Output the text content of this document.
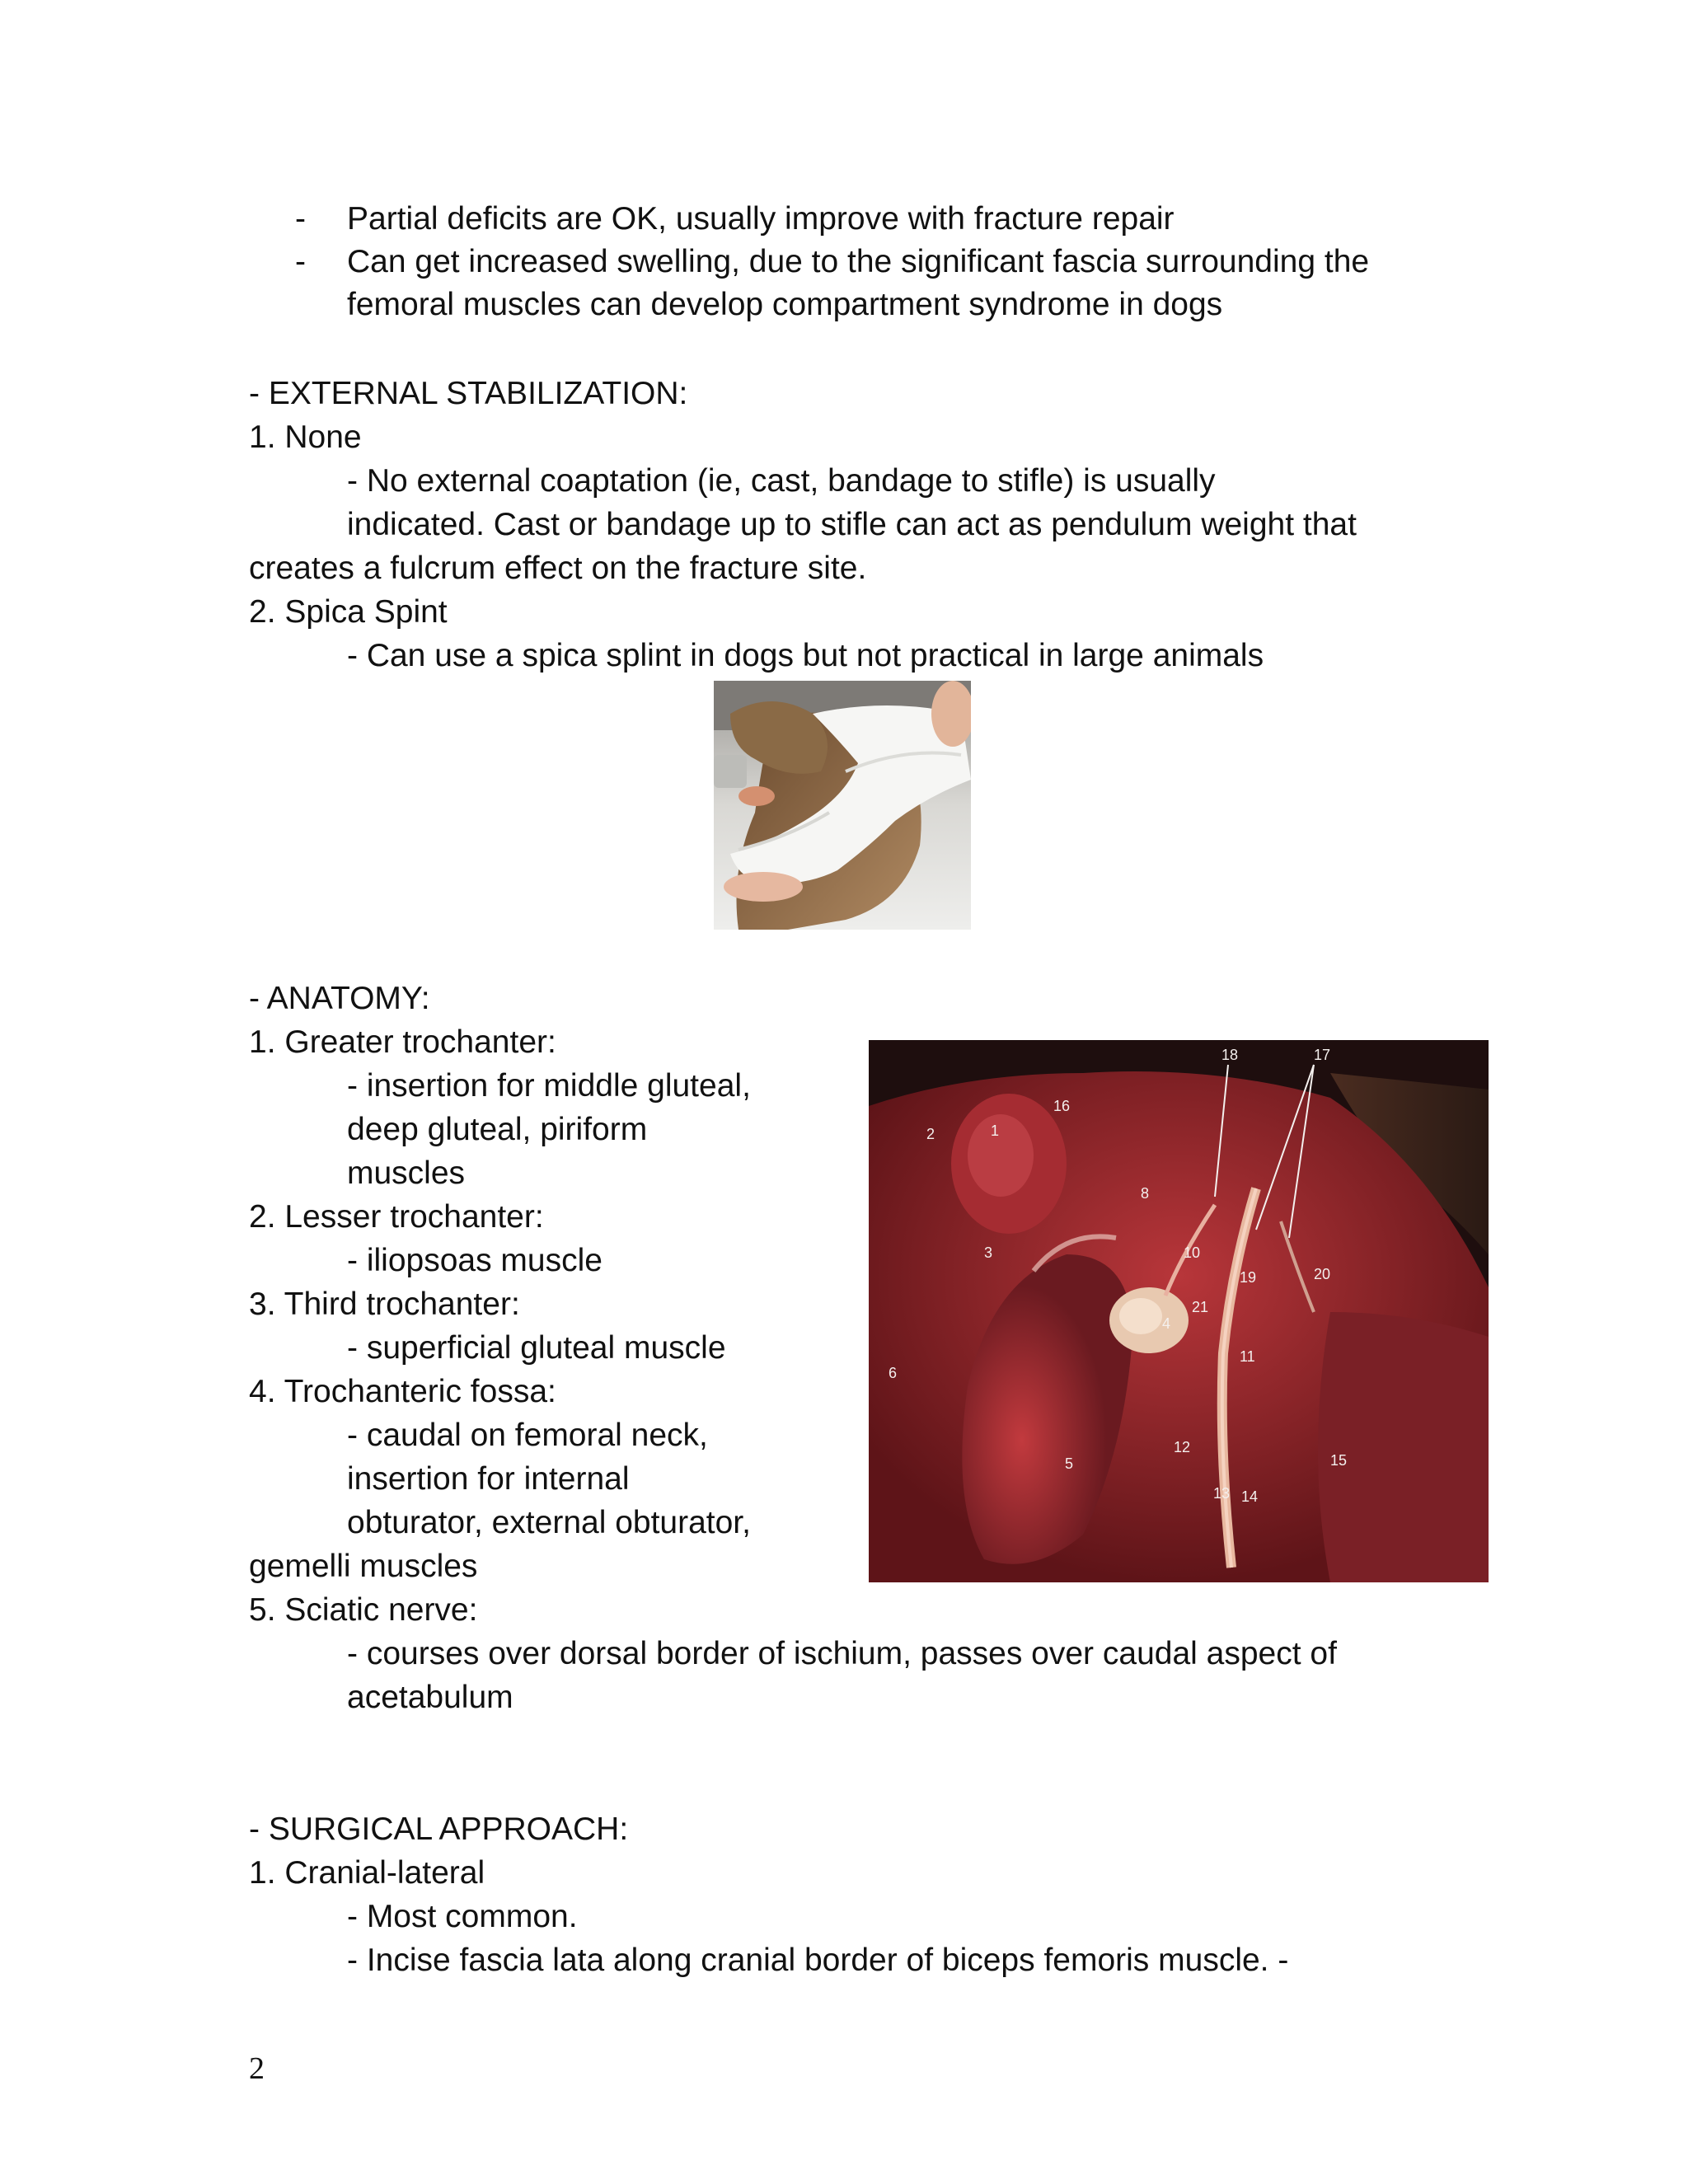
- Partial deficits are OK, usually improve with fracture repair
- Can get increased swelling, due to the significant fascia surrounding the
femoral muscles can develop compartment syndrome in dogs
- EXTERNAL STABILIZATION:
1. None
- No external coaptation (ie, cast, bandage to stifle) is usually
indicated. Cast or bandage up to stifle can act as pendulum weight that
creates a fulcrum effect on the fracture site.
2. Spica Spint
- Can use a spica splint in dogs but not practical in large animals
- ANATOMY:
1. Greater trochanter:
- insertion for middle gluteal,
deep gluteal, piriform
muscles
2. Lesser trochanter:
- iliopsoas muscle
3. Third trochanter:
- superficial gluteal muscle
4. Trochanteric fossa:
- caudal on femoral neck,
insertion for internal
obturator, external obturator,
gemelli muscles
5. Sciatic nerve:
- courses over dorsal border of ischium, passes over caudal aspect of
acetabulum
18	17
16
2	1
8
3	10
21
19	20
4
11
6
12
5
13 14
15
- SURGICAL APPROACH:
1. Cranial-lateral
- Most common.
- Incise fascia lata along cranial border of biceps femoris muscle. -
2
